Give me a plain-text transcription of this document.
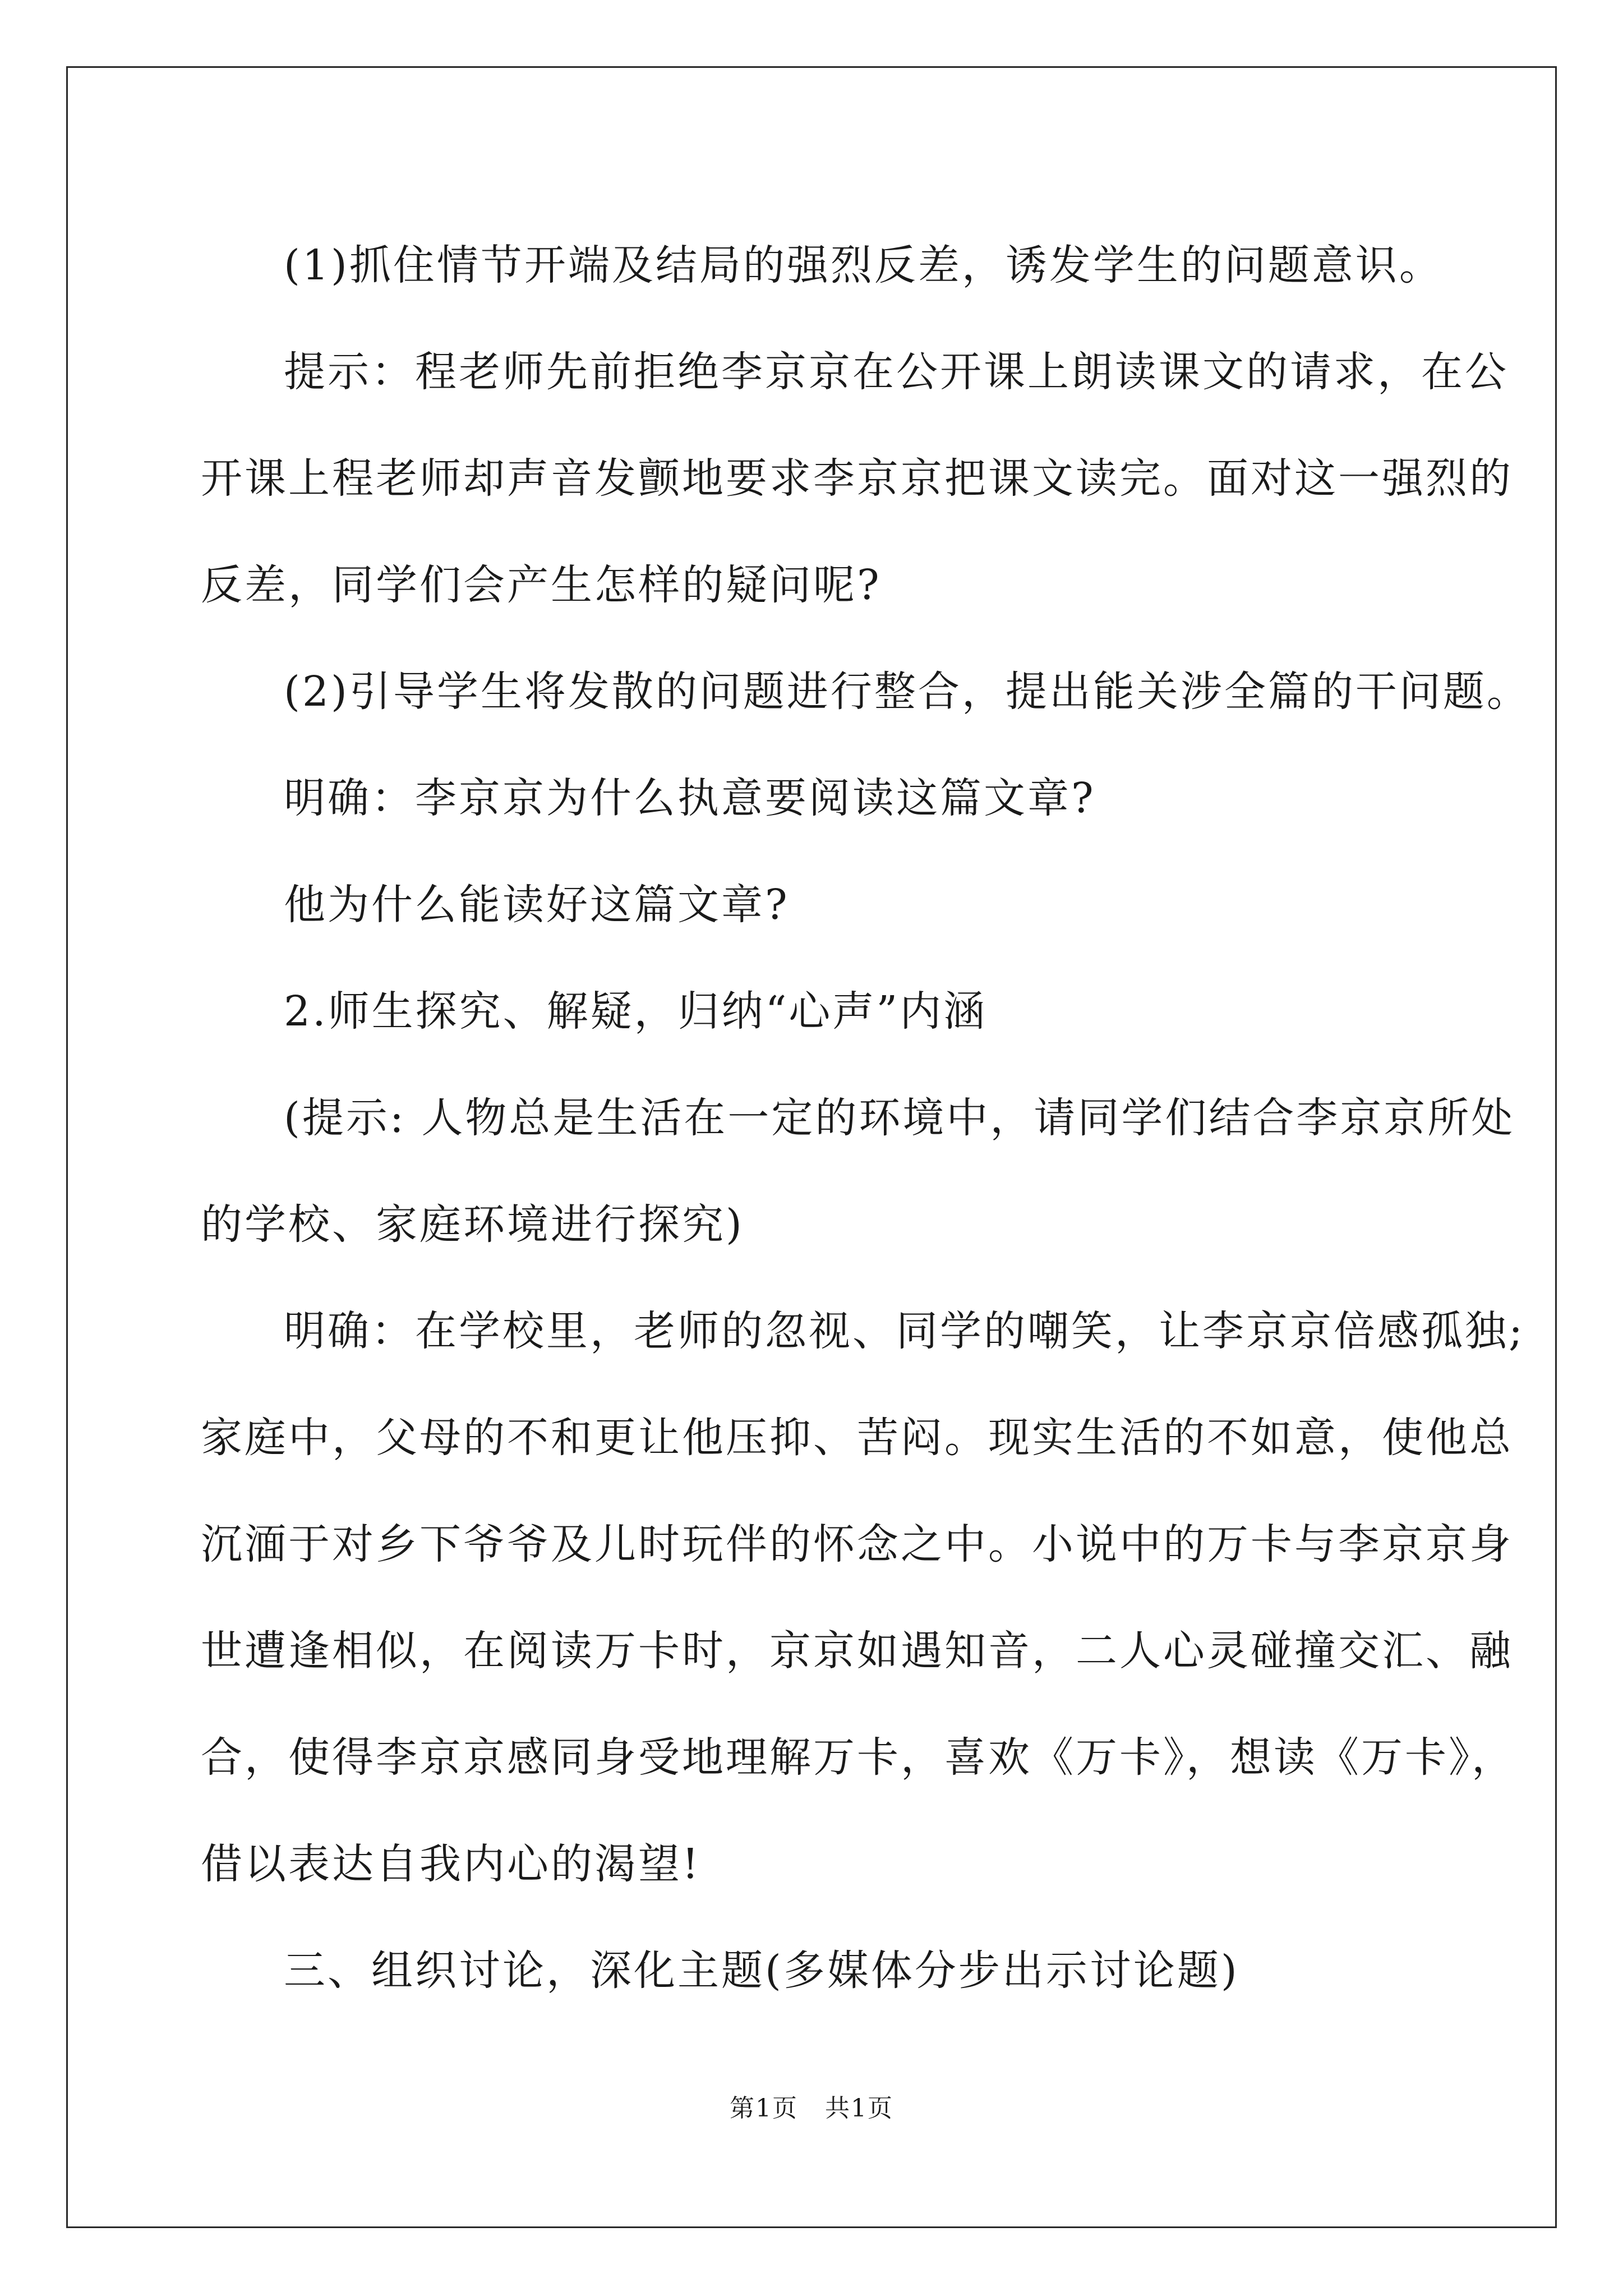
(1)抓住情节开端及结局的强烈反差，诱发学生的问题意识。

提示：程老师先前拒绝李京京在公开课上朗读课文的请求，在公

开课上程老师却声音发颤地要求李京京把课文读完。面对这一强烈的

反差，同学们会产生怎样的疑问呢?

(2)引导学生将发散的问题进行整合，提出能关涉全篇的干问题。

明确：李京京为什么执意要阅读这篇文章?

他为什么能读好这篇文章?

2.师生探究、解疑，归纳“心声”内涵

(提示: 人物总是生活在一定的环境中，请同学们结合李京京所处

的学校、家庭环境进行探究)

明确：在学校里，老师的忽视、同学的嘲笑，让李京京倍感孤独;

家庭中，父母的不和更让他压抑、苦闷。现实生活的不如意，使他总

沉湎于对乡下爷爷及儿时玩伴的怀念之中。小说中的万卡与李京京身

世遭逢相似，在阅读万卡时，京京如遇知音，二人心灵碰撞交汇、融

合，使得李京京感同身受地理解万卡，喜欢《万卡》，想读《万卡》，

借以表达自我内心的渴望!

三、组织讨论，深化主题(多媒体分步出示讨论题)

第1页   共1页
